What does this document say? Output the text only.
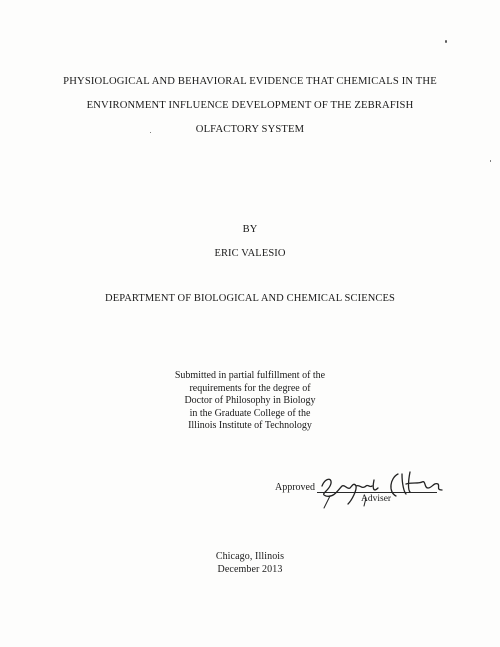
PHYSIOLOGICAL AND BEHAVIORAL EVIDENCE THAT CHEMICALS IN THE
ENVIRONMENT INFLUENCE DEVELOPMENT OF THE ZEBRAFISH
OLFACTORY SYSTEM
BY
ERIC VALESIO
DEPARTMENT OF BIOLOGICAL AND CHEMICAL SCIENCES
Submitted in partial fulfillment of the
requirements for the degree of
Doctor of Philosophy in Biology
in the Graduate College of the
Illinois Institute of Technology
Approved
Adviser
Chicago, Illinois
December 2013
